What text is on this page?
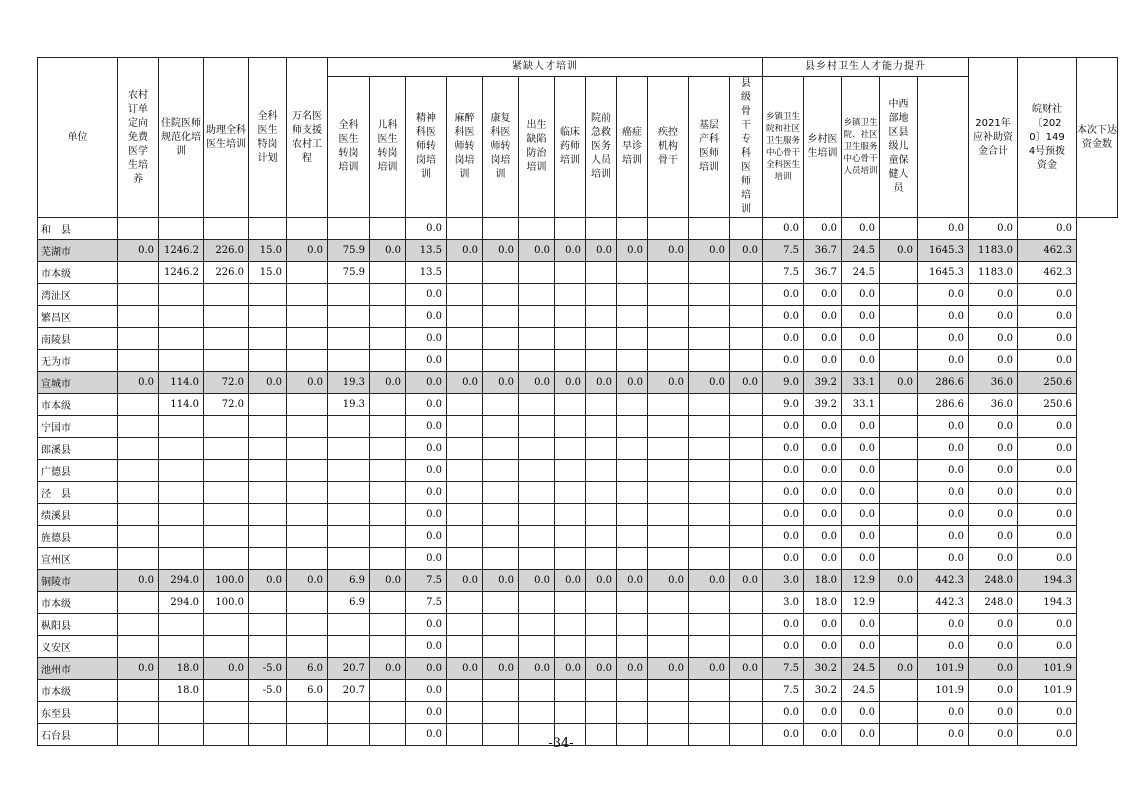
单位	农村订单定向免费医学生培养	住院医师规范化培训	助理全科医生培训	全科医生特岗计划	万名医师支援农村工程	紧缺人才培训												县乡村卫生人才能力提升					2021年应补助资金合计	皖财社〔2020〕1494号预拨资金	本次下达资金数
						全科医生转岗培训	儿科医生转岗培训	精神科医师转岗培训	麻醉科医师转岗培训	康复科医师转岗培训	出生缺陷防治培训	临床药师培训	院前急救医务人员培训	癌症早诊培训	疾控机构骨干	基层产科医师培训	县级骨干专科医师培训	乡镇卫生院和社区卫生服务中心骨干全科医生培训	乡村医生培训	乡镇卫生院、社区卫生服务中心骨干人员培训	中西部地区县级儿童保健人员				
和　县								0.0										0.0	0.0	0.0		0.0	0.0	0.0	
芜湖市	0.0	1246.2	226.0	15.0	0.0	75.9	0.0	13.5	0.0	0.0	0.0	0.0	0.0	0.0	0.0	0.0	0.0	7.5	36.7	24.5	0.0	1645.3	1183.0	462.3	
市本级		1246.2	226.0	15.0		75.9		13.5										7.5	36.7	24.5		1645.3	1183.0	462.3	
湾沚区								0.0										0.0	0.0	0.0		0.0	0.0	0.0	
繁昌区								0.0										0.0	0.0	0.0		0.0	0.0	0.0	
南陵县								0.0										0.0	0.0	0.0		0.0	0.0	0.0	
无为市								0.0										0.0	0.0	0.0		0.0	0.0	0.0	
宣城市	0.0	114.0	72.0	0.0	0.0	19.3	0.0	0.0	0.0	0.0	0.0	0.0	0.0	0.0	0.0	0.0	0.0	9.0	39.2	33.1	0.0	286.6	36.0	250.6	
市本级		114.0	72.0			19.3		0.0										9.0	39.2	33.1		286.6	36.0	250.6	
宁国市								0.0										0.0	0.0	0.0		0.0	0.0	0.0	
郎溪县								0.0										0.0	0.0	0.0		0.0	0.0	0.0	
广德县								0.0										0.0	0.0	0.0		0.0	0.0	0.0	
泾　县								0.0										0.0	0.0	0.0		0.0	0.0	0.0	
绩溪县								0.0										0.0	0.0	0.0		0.0	0.0	0.0	
旌德县								0.0										0.0	0.0	0.0		0.0	0.0	0.0	
宣州区								0.0										0.0	0.0	0.0		0.0	0.0	0.0	
铜陵市	0.0	294.0	100.0	0.0	0.0	6.9	0.0	7.5	0.0	0.0	0.0	0.0	0.0	0.0	0.0	0.0	0.0	3.0	18.0	12.9	0.0	442.3	248.0	194.3	
市本级		294.0	100.0			6.9		7.5										3.0	18.0	12.9		442.3	248.0	194.3	
枞阳县								0.0										0.0	0.0	0.0		0.0	0.0	0.0	
义安区								0.0										0.0	0.0	0.0		0.0	0.0	0.0	
池州市	0.0	18.0	0.0	-5.0	6.0	20.7	0.0	0.0	0.0	0.0	0.0	0.0	0.0	0.0	0.0	0.0	0.0	7.5	30.2	24.5	0.0	101.9	0.0	101.9	
市本级		18.0		-5.0	6.0	20.7		0.0										7.5	30.2	24.5		101.9	0.0	101.9	
东至县								0.0										0.0	0.0	0.0		0.0	0.0	0.0	
石台县								0.0										0.0	0.0	0.0		0.0	0.0	0.0	
-34-
